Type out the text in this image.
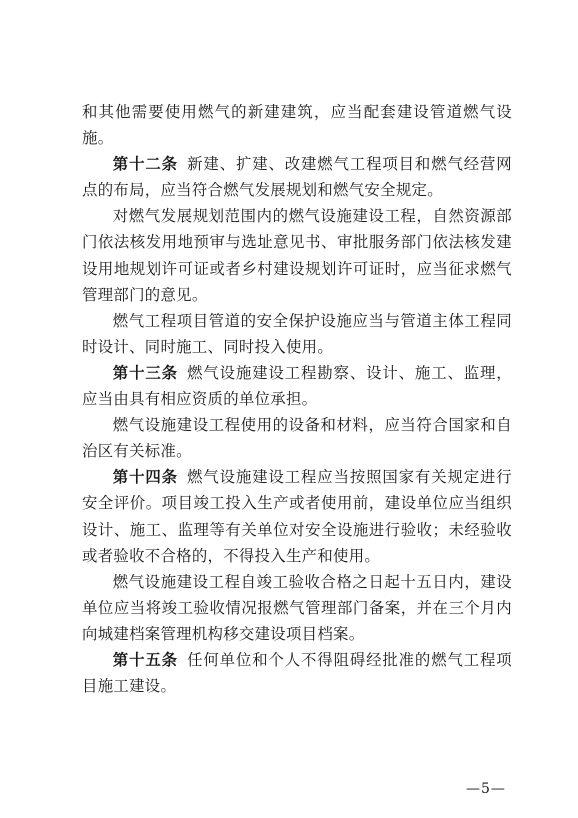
和其他需要使用燃气的新建建筑，应当配套建设管道燃气设施。

第十二条 新建、扩建、改建燃气工程项目和燃气经营网点的布局，应当符合燃气发展规划和燃气安全规定。

对燃气发展规划范围内的燃气设施建设工程，自然资源部门依法核发用地预审与选址意见书、审批服务部门依法核发建设用地规划许可证或者乡村建设规划许可证时，应当征求燃气管理部门的意见。

燃气工程项目管道的安全保护设施应当与管道主体工程同时设计、同时施工、同时投入使用。

第十三条 燃气设施建设工程勘察、设计、施工、监理，应当由具有相应资质的单位承担。

燃气设施建设工程使用的设备和材料，应当符合国家和自治区有关标准。

第十四条 燃气设施建设工程应当按照国家有关规定进行安全评价。项目竣工投入生产或者使用前，建设单位应当组织设计、施工、监理等有关单位对安全设施进行验收；未经验收或者验收不合格的，不得投入生产和使用。

燃气设施建设工程自竣工验收合格之日起十五日内，建设单位应当将竣工验收情况报燃气管理部门备案，并在三个月内向城建档案管理机构移交建设项目档案。

第十五条 任何单位和个人不得阻碍经批准的燃气工程项目施工建设。

—5—
